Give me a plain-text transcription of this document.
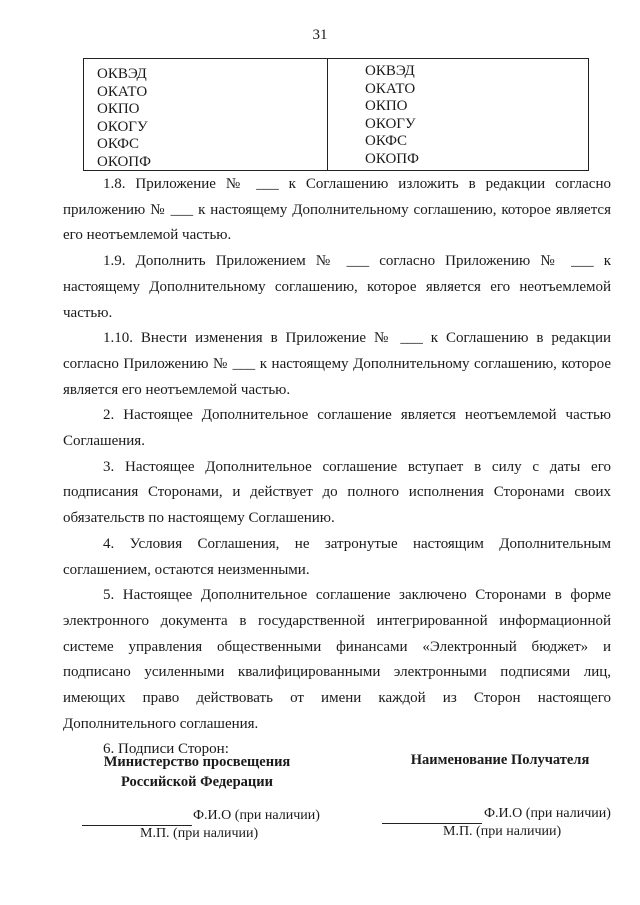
31
ОКВЭД
ОКАТО
ОКПО
ОКОГУ
ОКФС
ОКОПФ
ОКВЭД
ОКАТО
ОКПО
ОКОГУ
ОКФС
ОКОПФ

1.8. Приложение № ___ к Соглашению изложить в редакции согласно приложению № ___ к настоящему Дополнительному соглашению, которое является его неотъемлемой частью.

1.9. Дополнить Приложением № ___ согласно Приложению № ___ к настоящему Дополнительному соглашению, которое является его неотъемлемой частью.

1.10. Внести изменения в Приложение № ___ к Соглашению в редакции согласно Приложению № ___ к настоящему Дополнительному соглашению, которое является его неотъемлемой частью.

2. Настоящее Дополнительное соглашение является неотъемлемой частью Соглашения.

3. Настоящее Дополнительное соглашение вступает в силу с даты его подписания Сторонами, и действует до полного исполнения Сторонами своих обязательств по настоящему Соглашению.

4. Условия Соглашения, не затронутые настоящим Дополнительным соглашением, остаются неизменными.

5. Настоящее Дополнительное соглашение заключено Сторонами в форме электронного документа в государственной интегрированной информационной системе управления общественными финансами «Электронный бюджет» и подписано усиленными квалифицированными электронными подписями лиц, имеющих право действовать от имени каждой из Сторон настоящего Дополнительного соглашения.

6. Подписи Сторон:

Министерство просвещения Российской Федерации
Наименование Получателя
Ф.И.О (при наличии)
М.П. (при наличии)
Ф.И.О (при наличии)
М.П. (при наличии)
